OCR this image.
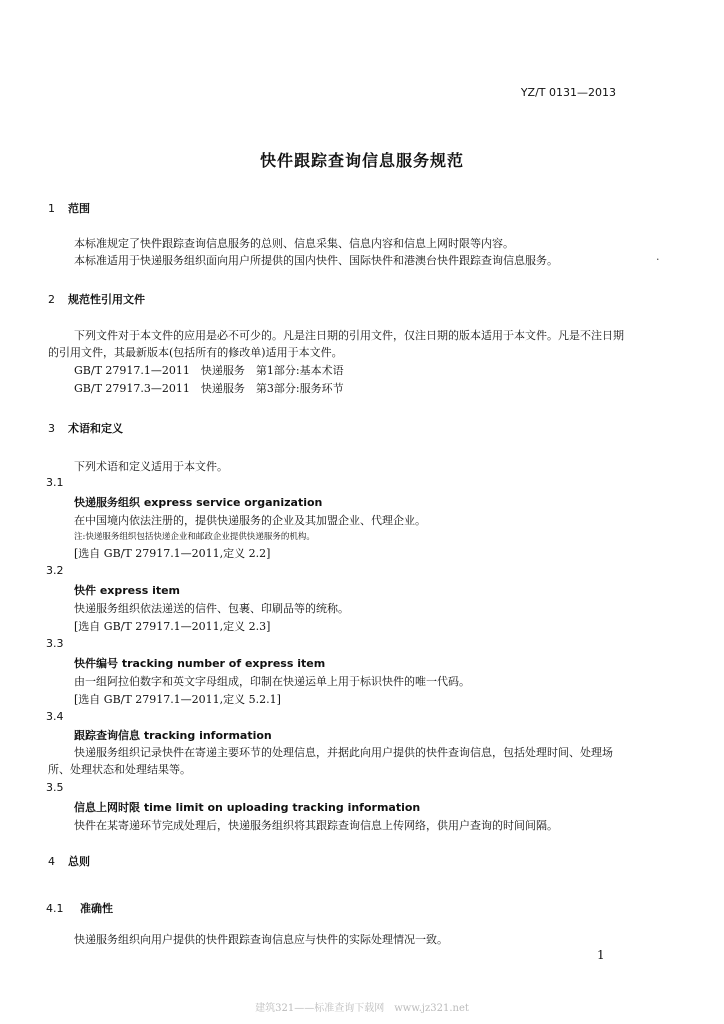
YZ/T 0131—2013
快件跟踪查询信息服务规范
·
1 范围
本标准规定了快件跟踪查询信息服务的总则、信息采集、信息内容和信息上网时限等内容。
本标准适用于快递服务组织面向用户所提供的国内快件、国际快件和港澳台快件跟踪查询信息服务。
2 规范性引用文件
下列文件对于本文件的应用是必不可少的。凡是注日期的引用文件，仅注日期的版本适用于本文件。凡是不注日期的引用文件，其最新版本(包括所有的修改单)适用于本文件。
GB/T 27917.1—2011　快递服务　第1部分:基本术语
GB/T 27917.3—2011　快递服务　第3部分:服务环节
3 术语和定义
下列术语和定义适用于本文件。
3.1
快递服务组织 express service organization
在中国境内依法注册的，提供快递服务的企业及其加盟企业、代理企业。
注:快递服务组织包括快递企业和邮政企业提供快递服务的机构。
[选自 GB/T 27917.1—2011,定义 2.2]
3.2
快件 express item
快递服务组织依法递送的信件、包裹、印刷品等的统称。
[选自 GB/T 27917.1—2011,定义 2.3]
3.3
快件编号 tracking number of express item
由一组阿拉伯数字和英文字母组成，印制在快递运单上用于标识快件的唯一代码。
[选自 GB/T 27917.1—2011,定义 5.2.1]
3.4
跟踪查询信息 tracking information
快递服务组织记录快件在寄递主要环节的处理信息，并据此向用户提供的快件查询信息，包括处理时间、处理场所、处理状态和处理结果等。
3.5
信息上网时限 time limit on uploading tracking information
快件在某寄递环节完成处理后，快递服务组织将其跟踪查询信息上传网络，供用户查询的时间间隔。
4 总则
4.1 准确性
快递服务组织向用户提供的快件跟踪查询信息应与快件的实际处理情况一致。
1
建筑321——标准查询下载网　www.jz321.net
